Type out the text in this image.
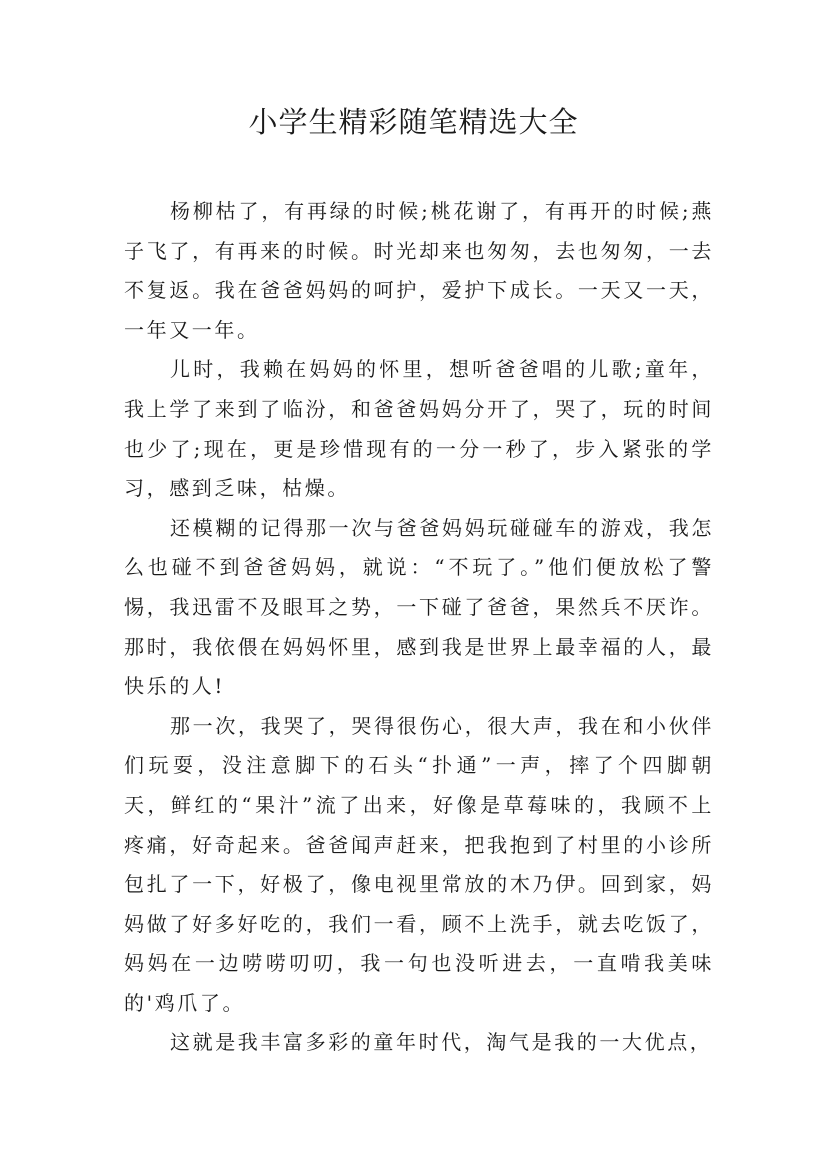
小学生精彩随笔精选大全

杨柳枯了，有再绿的时候;桃花谢了，有再开的时候;燕子飞了，有再来的时候。时光却来也匆匆，去也匆匆，一去不复返。我在爸爸妈妈的呵护，爱护下成长。一天又一天，一年又一年。

儿时，我赖在妈妈的怀里，想听爸爸唱的儿歌;童年，我上学了来到了临汾，和爸爸妈妈分开了，哭了，玩的时间也少了;现在，更是珍惜现有的一分一秒了，步入紧张的学习，感到乏味，枯燥。

还模糊的记得那一次与爸爸妈妈玩碰碰车的游戏，我怎么也碰不到爸爸妈妈，就说：“不玩了。”他们便放松了警惕，我迅雷不及眼耳之势，一下碰了爸爸，果然兵不厌诈。那时，我依偎在妈妈怀里，感到我是世界上最幸福的人，最快乐的人!

那一次，我哭了，哭得很伤心，很大声，我在和小伙伴们玩耍，没注意脚下的石头“扑通”一声，摔了个四脚朝天，鲜红的“果汁”流了出来，好像是草莓味的，我顾不上疼痛，好奇起来。爸爸闻声赶来，把我抱到了村里的小诊所包扎了一下，好极了，像电视里常放的木乃伊。回到家，妈妈做了好多好吃的，我们一看，顾不上洗手，就去吃饭了，妈妈在一边唠唠叨叨，我一句也没听进去，一直啃我美味的'鸡爪了。

这就是我丰富多彩的童年时代，淘气是我的一大优点，
